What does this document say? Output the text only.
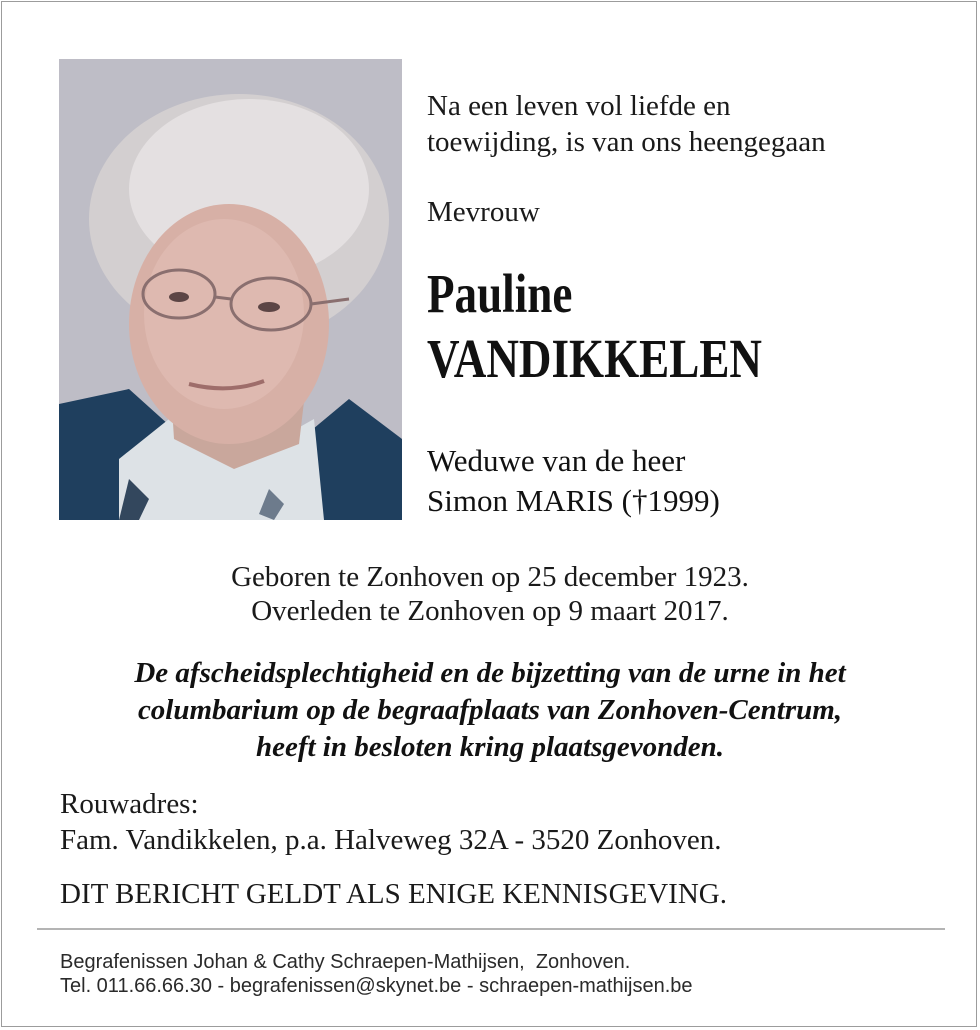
Na een leven vol liefde en
toewijding, is van ons heengegaan
Mevrouw
Pauline
VANDIKKELEN
Weduwe van de heer
Simon MARIS (†1999)
Geboren te Zonhoven op 25 december 1923.
Overleden te Zonhoven op 9 maart 2017.
De afscheidsplechtigheid en de bijzetting van de urne in het
columbarium op de begraafplaats van Zonhoven-Centrum,
heeft in besloten kring plaatsgevonden.
Rouwadres:
Fam. Vandikkelen, p.a. Halveweg 32A - 3520 Zonhoven.
DIT BERICHT GELDT ALS ENIGE KENNISGEVING.
Begrafenissen Johan & Cathy Schraepen-Mathijsen,  Zonhoven.
Tel. 011.66.66.30 - begrafenissen@skynet.be - schraepen-mathijsen.be
